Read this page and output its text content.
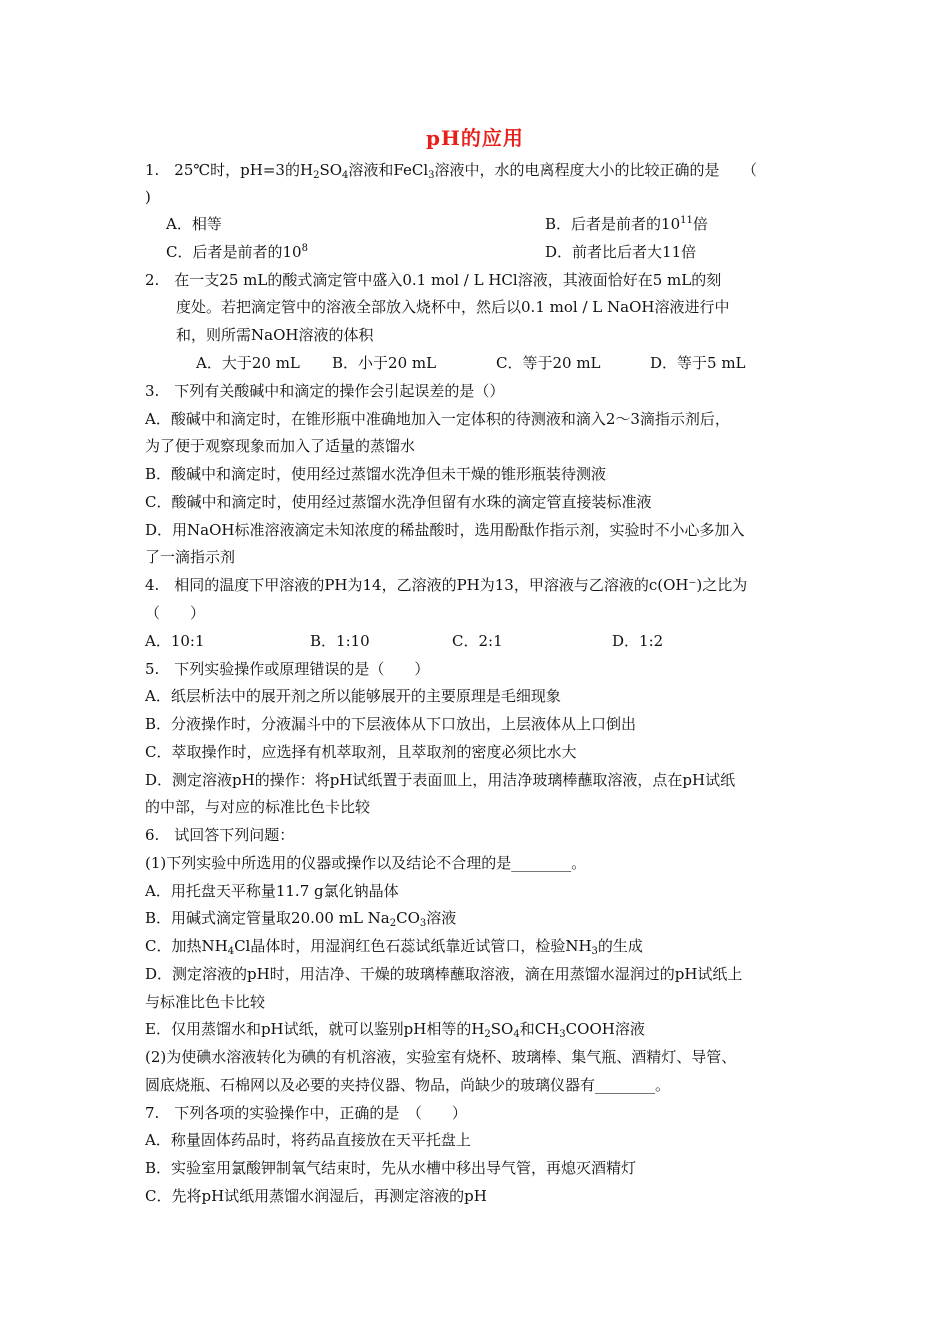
pH的应用
1.　25℃时，pH=3的$H_2SO_4$溶液和FeCl$_3$溶液中，水的电离程度大小的比较正确的是　　（
)
A．相等	B．后者是前者的$10^{11}$倍
C．后者是前者的$10^8$	D．前者比后者大11倍
2.　在一支25 mL的酸式滴定管中盛入0.1 mol / L HCl溶液，其液面恰好在5 mL的刻
度处。若把滴定管中的溶液全部放入烧杯中，然后以0.1 mol / L NaOH溶液进行中
和，则所需NaOH溶液的体积
A．大于20 mL B．小于20 mL	C．等于20 mL	D．等于5 mL
3.　下列有关酸碱中和滴定的操作会引起误差的是（）
A．酸碱中和滴定时，在锥形瓶中准确地加入一定体积的待测液和滴入2～3滴指示剂后，
为了便于观察现象而加入了适量的蒸馏水
B．酸碱中和滴定时，使用经过蒸馏水洗净但未干燥的锥形瓶装待测液
C．酸碱中和滴定时，使用经过蒸馏水洗净但留有水珠的滴定管直接装标准液
D．用NaOH标准溶液滴定未知浓度的稀盐酸时，选用酚酞作指示剂，实验时不小心多加入
了一滴指示剂
4.　相同的温度下甲溶液的PH为14，乙溶液的PH为13，甲溶液与乙溶液的c(OH⁻)之比为
（　　）
A．10:1	B．1:10	C．2:1	D．1:2
5.　下列实验操作或原理错误的是（　　）
A．纸层析法中的展开剂之所以能够展开的主要原理是毛细现象
B．分液操作时，分液漏斗中的下层液体从下口放出，上层液体从上口倒出
C．萃取操作时，应选择有机萃取剂，且萃取剂的密度必须比水大
D．测定溶液pH的操作：将pH试纸置于表面皿上，用洁净玻璃棒蘸取溶液，点在pH试纸
的中部，与对应的标准比色卡比较
6.　试回答下列问题：
(1)下列实验中所选用的仪器或操作以及结论不合理的是________。
A．用托盘天平称量11.7 g氯化钠晶体
B．用碱式滴定管量取20.00 mL $Na_2CO_3$溶液
C．加热$NH_4Cl$晶体时，用湿润红色石蕊试纸靠近试管口，检验$NH_3$的生成
D．测定溶液的pH时，用洁净、干燥的玻璃棒蘸取溶液，滴在用蒸馏水湿润过的pH试纸上
与标准比色卡比较
E．仅用蒸馏水和pH试纸，就可以鉴别pH相等的$H_2SO_4$和$CH_3COOH$溶液
(2)为使碘水溶液转化为碘的有机溶液，实验室有烧杯、玻璃棒、集气瓶、酒精灯、导管、
圆底烧瓶、石棉网以及必要的夹持仪器、物品，尚缺少的玻璃仪器有________。
7.　下列各项的实验操作中，正确的是　（　　）
A．称量固体药品时，将药品直接放在天平托盘上
B．实验室用氯酸钾制氧气结束时，先从水槽中移出导气管，再熄灭酒精灯
C．先将pH试纸用蒸馏水润湿后，再测定溶液的pH
